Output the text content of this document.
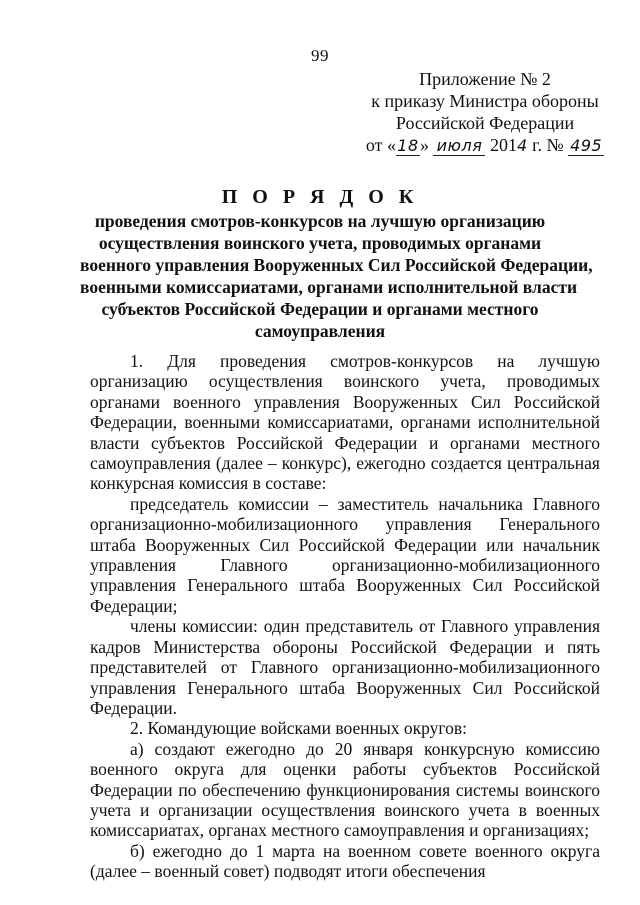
99
Приложение № 2
к приказу Министра обороны
Российской Федерации
от «18» июля 2014 г. № 495
П О Р Я Д О К
проведения смотров-конкурсов на лучшую организацию
осуществления воинского учета, проводимых органами
военного управления Вооруженных Сил Российской Федерации,
военными комиссариатами, органами исполнительной власти
субъектов Российской Федерации и органами местного
самоуправления

1. Для проведения смотров-конкурсов на лучшую организацию осуществления воинского учета, проводимых органами военного управления Вооруженных Сил Российской Федерации, военными комиссариатами, органами исполнительной власти субъектов Российской Федерации и органами местного самоуправления (далее – конкурс), ежегодно создается центральная конкурсная комиссия в составе:

председатель комиссии – заместитель начальника Главного организационно-мобилизационного управления Генерального штаба Вооруженных Сил Российской Федерации или начальник управления Главного организационно-мобилизационного управления Генерального штаба Вооруженных Сил Российской Федерации;

члены комиссии: один представитель от Главного управления кадров Министерства обороны Российской Федерации и пять представителей от Главного организационно-мобилизационного управления Генерального штаба Вооруженных Сил Российской Федерации.

2. Командующие войсками военных округов:

а) создают ежегодно до 20 января конкурсную комиссию военного округа для оценки работы субъектов Российской Федерации по обеспечению функционирования системы воинского учета и организации осуществления воинского учета в военных комиссариатах, органах местного самоуправления и организациях;

б) ежегодно до 1 марта на военном совете военного округа (далее – военный совет) подводят итоги обеспечения
